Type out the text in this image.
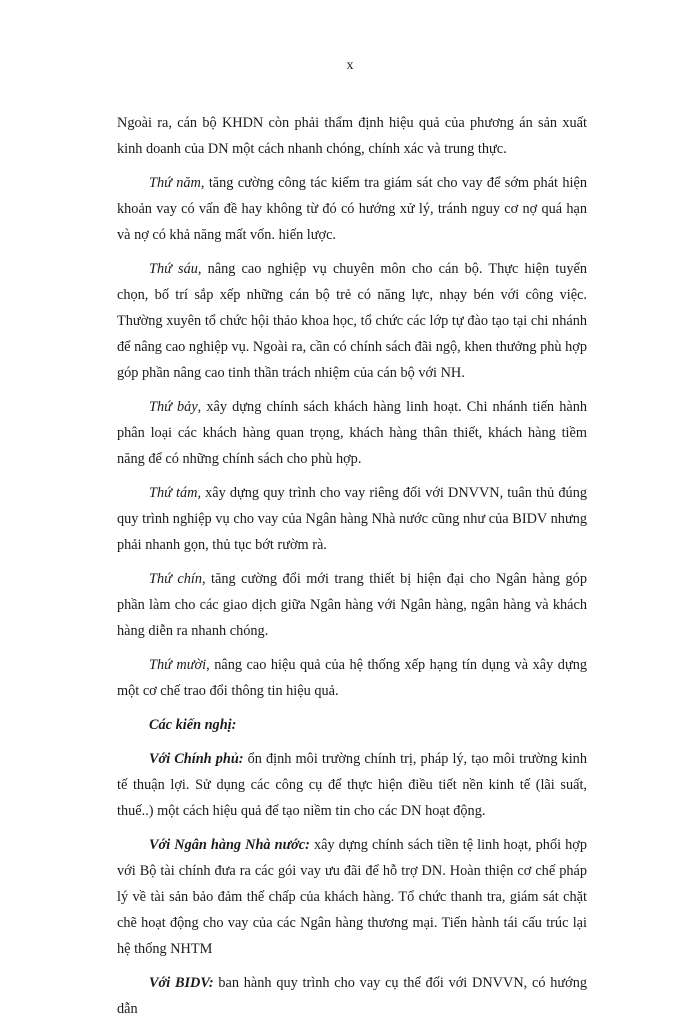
x

Ngoài ra, cán bộ KHDN còn phải thẩm định hiệu quả của phương án sản xuất kinh doanh của DN một cách nhanh chóng, chính xác và trung thực.

Thứ năm, tăng cường công tác kiểm tra giám sát cho vay để sớm phát hiện khoản vay có vấn đề hay không từ đó có hướng xử lý, tránh nguy cơ nợ quá hạn và nợ có khả năng mất vốn. hiến lược.

Thứ sáu, nâng cao nghiệp vụ chuyên môn cho cán bộ. Thực hiện tuyển chọn, bố trí sắp xếp những cán bộ trẻ có năng lực, nhạy bén với công việc. Thường xuyên tổ chức hội thảo khoa học, tổ chức các lớp tự đào tạo tại chi nhánh để nâng cao nghiệp vụ. Ngoài ra, cần có chính sách đãi ngộ, khen thưởng phù hợp góp phần nâng cao tinh thần trách nhiệm của cán bộ với NH.

Thứ bảy, xây dựng chính sách khách hàng linh hoạt. Chi nhánh tiến hành phân loại các khách hàng quan trọng, khách hàng thân thiết, khách hàng tiềm năng để có những chính sách cho phù hợp.

Thứ tám, xây dựng quy trình cho vay riêng đối với DNVVN, tuân thủ đúng quy trình nghiệp vụ cho vay của Ngân hàng Nhà nước cũng như của BIDV nhưng phải nhanh gọn, thủ tục bớt rườm rà.

Thứ chín, tăng cường đổi mới trang thiết bị hiện đại cho Ngân hàng góp phần làm cho các giao dịch giữa Ngân hàng với Ngân hàng, ngân hàng và khách hàng diễn ra nhanh chóng.

Thứ mười, nâng cao hiệu quả của hệ thống xếp hạng tín dụng và xây dựng một cơ chế trao đổi thông tin hiệu quả.

Các kiến nghị:

Với Chính phủ: ổn định môi trường chính trị, pháp lý, tạo môi trường kinh tế thuận lợi. Sử dụng các công cụ để thực hiện điều tiết nền kinh tế (lãi suất, thuế..) một cách hiệu quả để tạo niềm tin cho các DN hoạt động.

Với Ngân hàng Nhà nước: xây dựng chính sách tiền tệ linh hoạt, phối hợp với Bộ tài chính đưa ra các gói vay ưu đãi để hỗ trợ DN. Hoàn thiện cơ chế pháp lý về tài sản bảo đảm thế chấp của khách hàng. Tổ chức thanh tra, giám sát chặt chẽ hoạt động cho vay của các Ngân hàng thương mại. Tiến hành tái cấu trúc lại hệ thống NHTM

Với BIDV: ban hành quy trình cho vay cụ thể đối với DNVVN, có hướng dẫn
